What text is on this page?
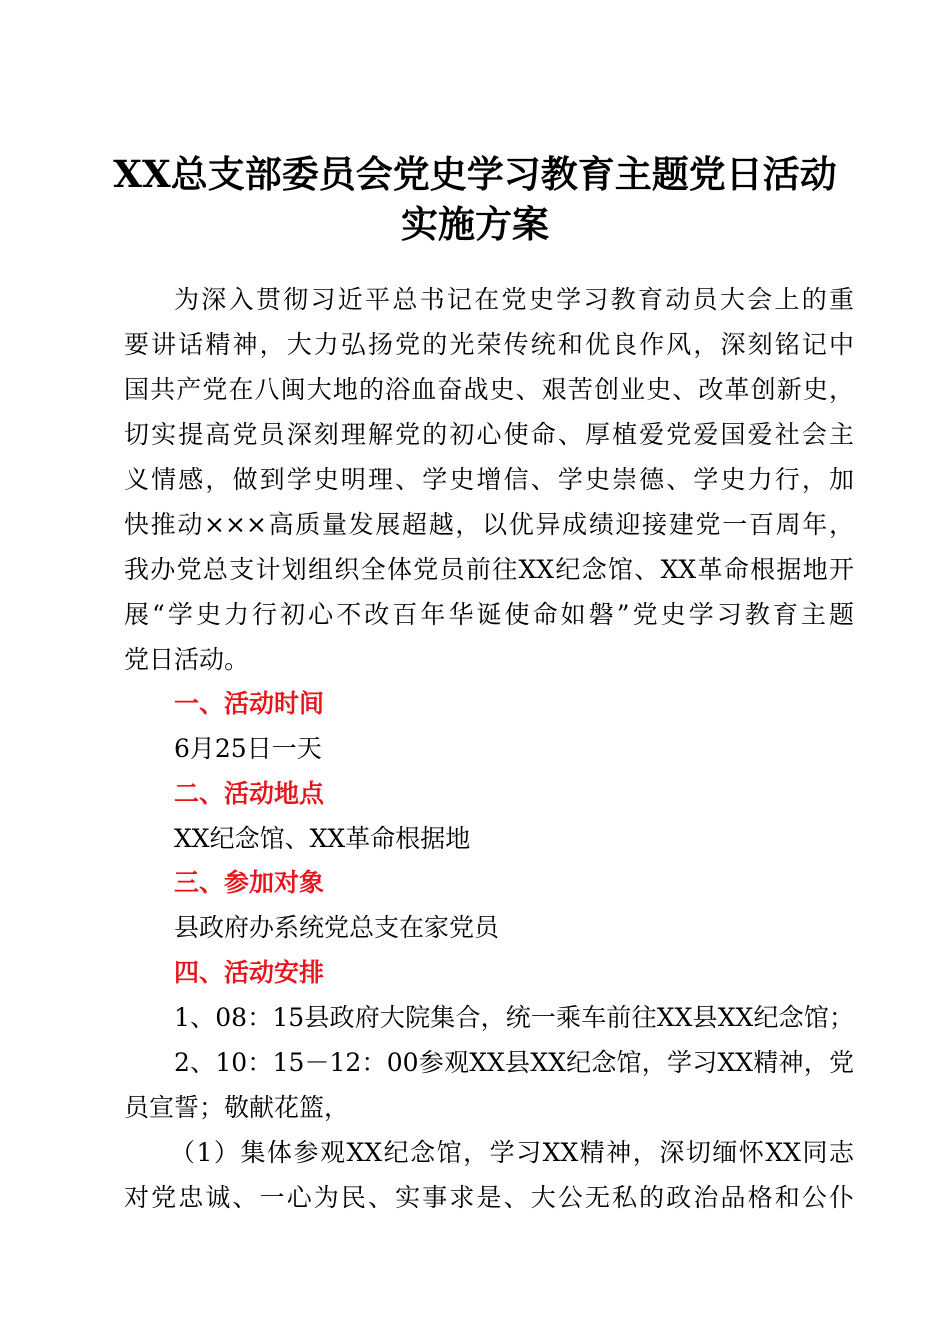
XX总支部委员会党史学习教育主题党日活动
实施方案

为深入贯彻习近平总书记在党史学习教育动员大会上的重

要讲话精神，大力弘扬党的光荣传统和优良作风，深刻铭记中

国共产党在八闽大地的浴血奋战史、艰苦创业史、改革创新史，

切实提高党员深刻理解党的初心使命、厚植爱党爱国爱社会主

义情感，做到学史明理、学史增信、学史崇德、学史力行，加

快推动×××高质量发展超越，以优异成绩迎接建党一百周年，

我办党总支计划组织全体党员前往XX纪念馆、XX革命根据地开

展“学史力行初心不改百年华诞使命如磐”党史学习教育主题

党日活动。

一、活动时间

6月25日一天

二、活动地点

XX纪念馆、XX革命根据地

三、参加对象

县政府办系统党总支在家党员

四、活动安排

1、08：15县政府大院集合，统一乘车前往XX县XX纪念馆；

2、10：15－12：00参观XX县XX纪念馆，学习XX精神，党

员宣誓；敬献花篮，

（1）集体参观XX纪念馆，学习XX精神，深切缅怀XX同志

对党忠诚、一心为民、实事求是、大公无私的政治品格和公仆
